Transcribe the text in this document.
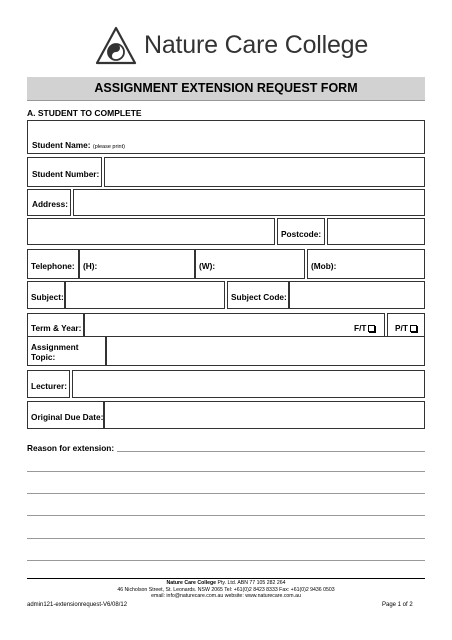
Nature Care College
ASSIGNMENT EXTENSION REQUEST FORM
A. STUDENT TO COMPLETE
Student Name: (please print)
Student Number:
Address:
Postcode:
Telephone: (H):	(W):	(Mob):
Subject:	Subject Code:
Term & Year:	F/T	P/T
Assignment
Topic:
Lecturer:
Original Due Date:
Reason for extension:
Nature Care College Pty. Ltd. ABN 77 105 282 264
46 Nicholson Street, St. Leonards. NSW 2065 Tel: +61(0)2 8423 8333 Fax: +61(0)2 9436 0503
email: info@naturecare.com.au website: www.naturecare.com.au
admin121-extensionrequest-V6/08/12	Page 1 of 2
